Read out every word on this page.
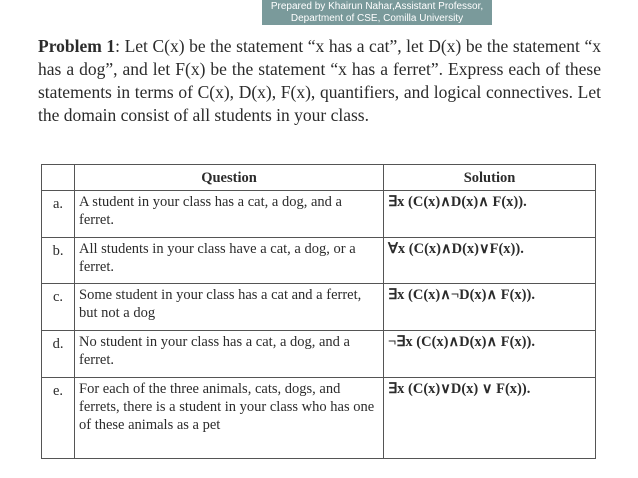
Prepared by Khairun Nahar,Assistant Professor,
Department of CSE, Comilla University
Problem 1: Let C(x) be the statement “x has a cat”, let D(x) be the statement “x has a dog”, and let F(x) be the statement “x has a ferret”. Express each of these statements in terms of C(x), D(x), F(x), quantifiers, and logical connectives. Let the domain consist of all students in your class.
	Question	Solution
a.	A student in your class has a cat, a dog, and a ferret.	∃x (C(x)∧D(x)∧ F(x)).
b.	All students in your class have a cat, a dog, or a ferret.	∀x (C(x)∧D(x)∨F(x)).
c.	Some student in your class has a cat and a ferret, but not a dog	∃x (C(x)∧¬D(x)∧ F(x)).
d.	No student in your class has a cat, a dog, and a ferret.	¬∃x (C(x)∧D(x)∧ F(x)).
e.	For each of the three animals, cats, dogs, and ferrets, there is a student in your class who has one of these animals as a pet	∃x (C(x)∨D(x) ∨ F(x)).
